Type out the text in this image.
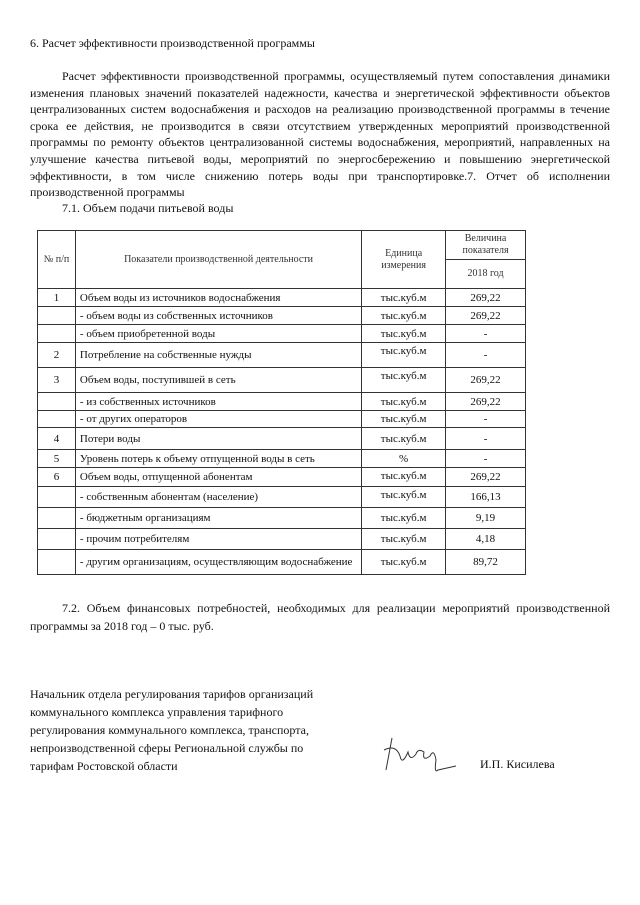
6. Расчет эффективности производственной программы
Расчет эффективности производственной программы, осуществляемый путем сопоставления динамики изменения плановых значений показателей надежности, качества и энергетической эффективности объектов централизованных систем водоснабжения и расходов на реализацию производственной программы в течение срока ее действия, не производится в связи отсутствием утвержденных мероприятий производственной программы по ремонту объектов централизованной системы водоснабжения, мероприятий, направленных на улучшение качества питьевой воды, мероприятий по энергосбережению и повышению энергетической эффективности, в том числе снижению потерь воды при транспортировке.7. Отчет об исполнении производственной программы
7.1. Объем подачи питьевой воды
№ п/п	Показатели производственной деятельности	Единица измерения	Величина показателя
			2018 год
1	Объем воды из источников водоснабжения	тыс.куб.м	269,22
	- объем воды из собственных источников	тыс.куб.м	269,22
	- объем приобретенной воды	тыс.куб.м	-
2	Потребление на собственные нужды	тыс.куб.м	-
3	Объем воды, поступившей в сеть	тыс.куб.м	269,22
	- из собственных источников	тыс.куб.м	269,22
	- от других операторов	тыс.куб.м	-
4	Потери воды	тыс.куб.м	-
5	Уровень потерь к объему отпущенной воды в сеть	%	-
6	Объем воды, отпущенной абонентам	тыс.куб.м	269,22
	- собственным абонентам (население)	тыс.куб.м	166,13
	- бюджетным организациям	тыс.куб.м	9,19
	- прочим потребителям	тыс.куб.м	4,18
	- другим организациям, осуществляющим водоснабжение	тыс.куб.м	89,72
7.2. Объем финансовых потребностей, необходимых для реализации мероприятий производственной программы за 2018 год – 0 тыс. руб.
Начальник отдела регулирования тарифов организаций
коммунального комплекса управления тарифного
регулирования коммунального комплекса, транспорта,
непроизводственной сферы Региональной службы по
тарифам Ростовской области	И.П. Кисилева
